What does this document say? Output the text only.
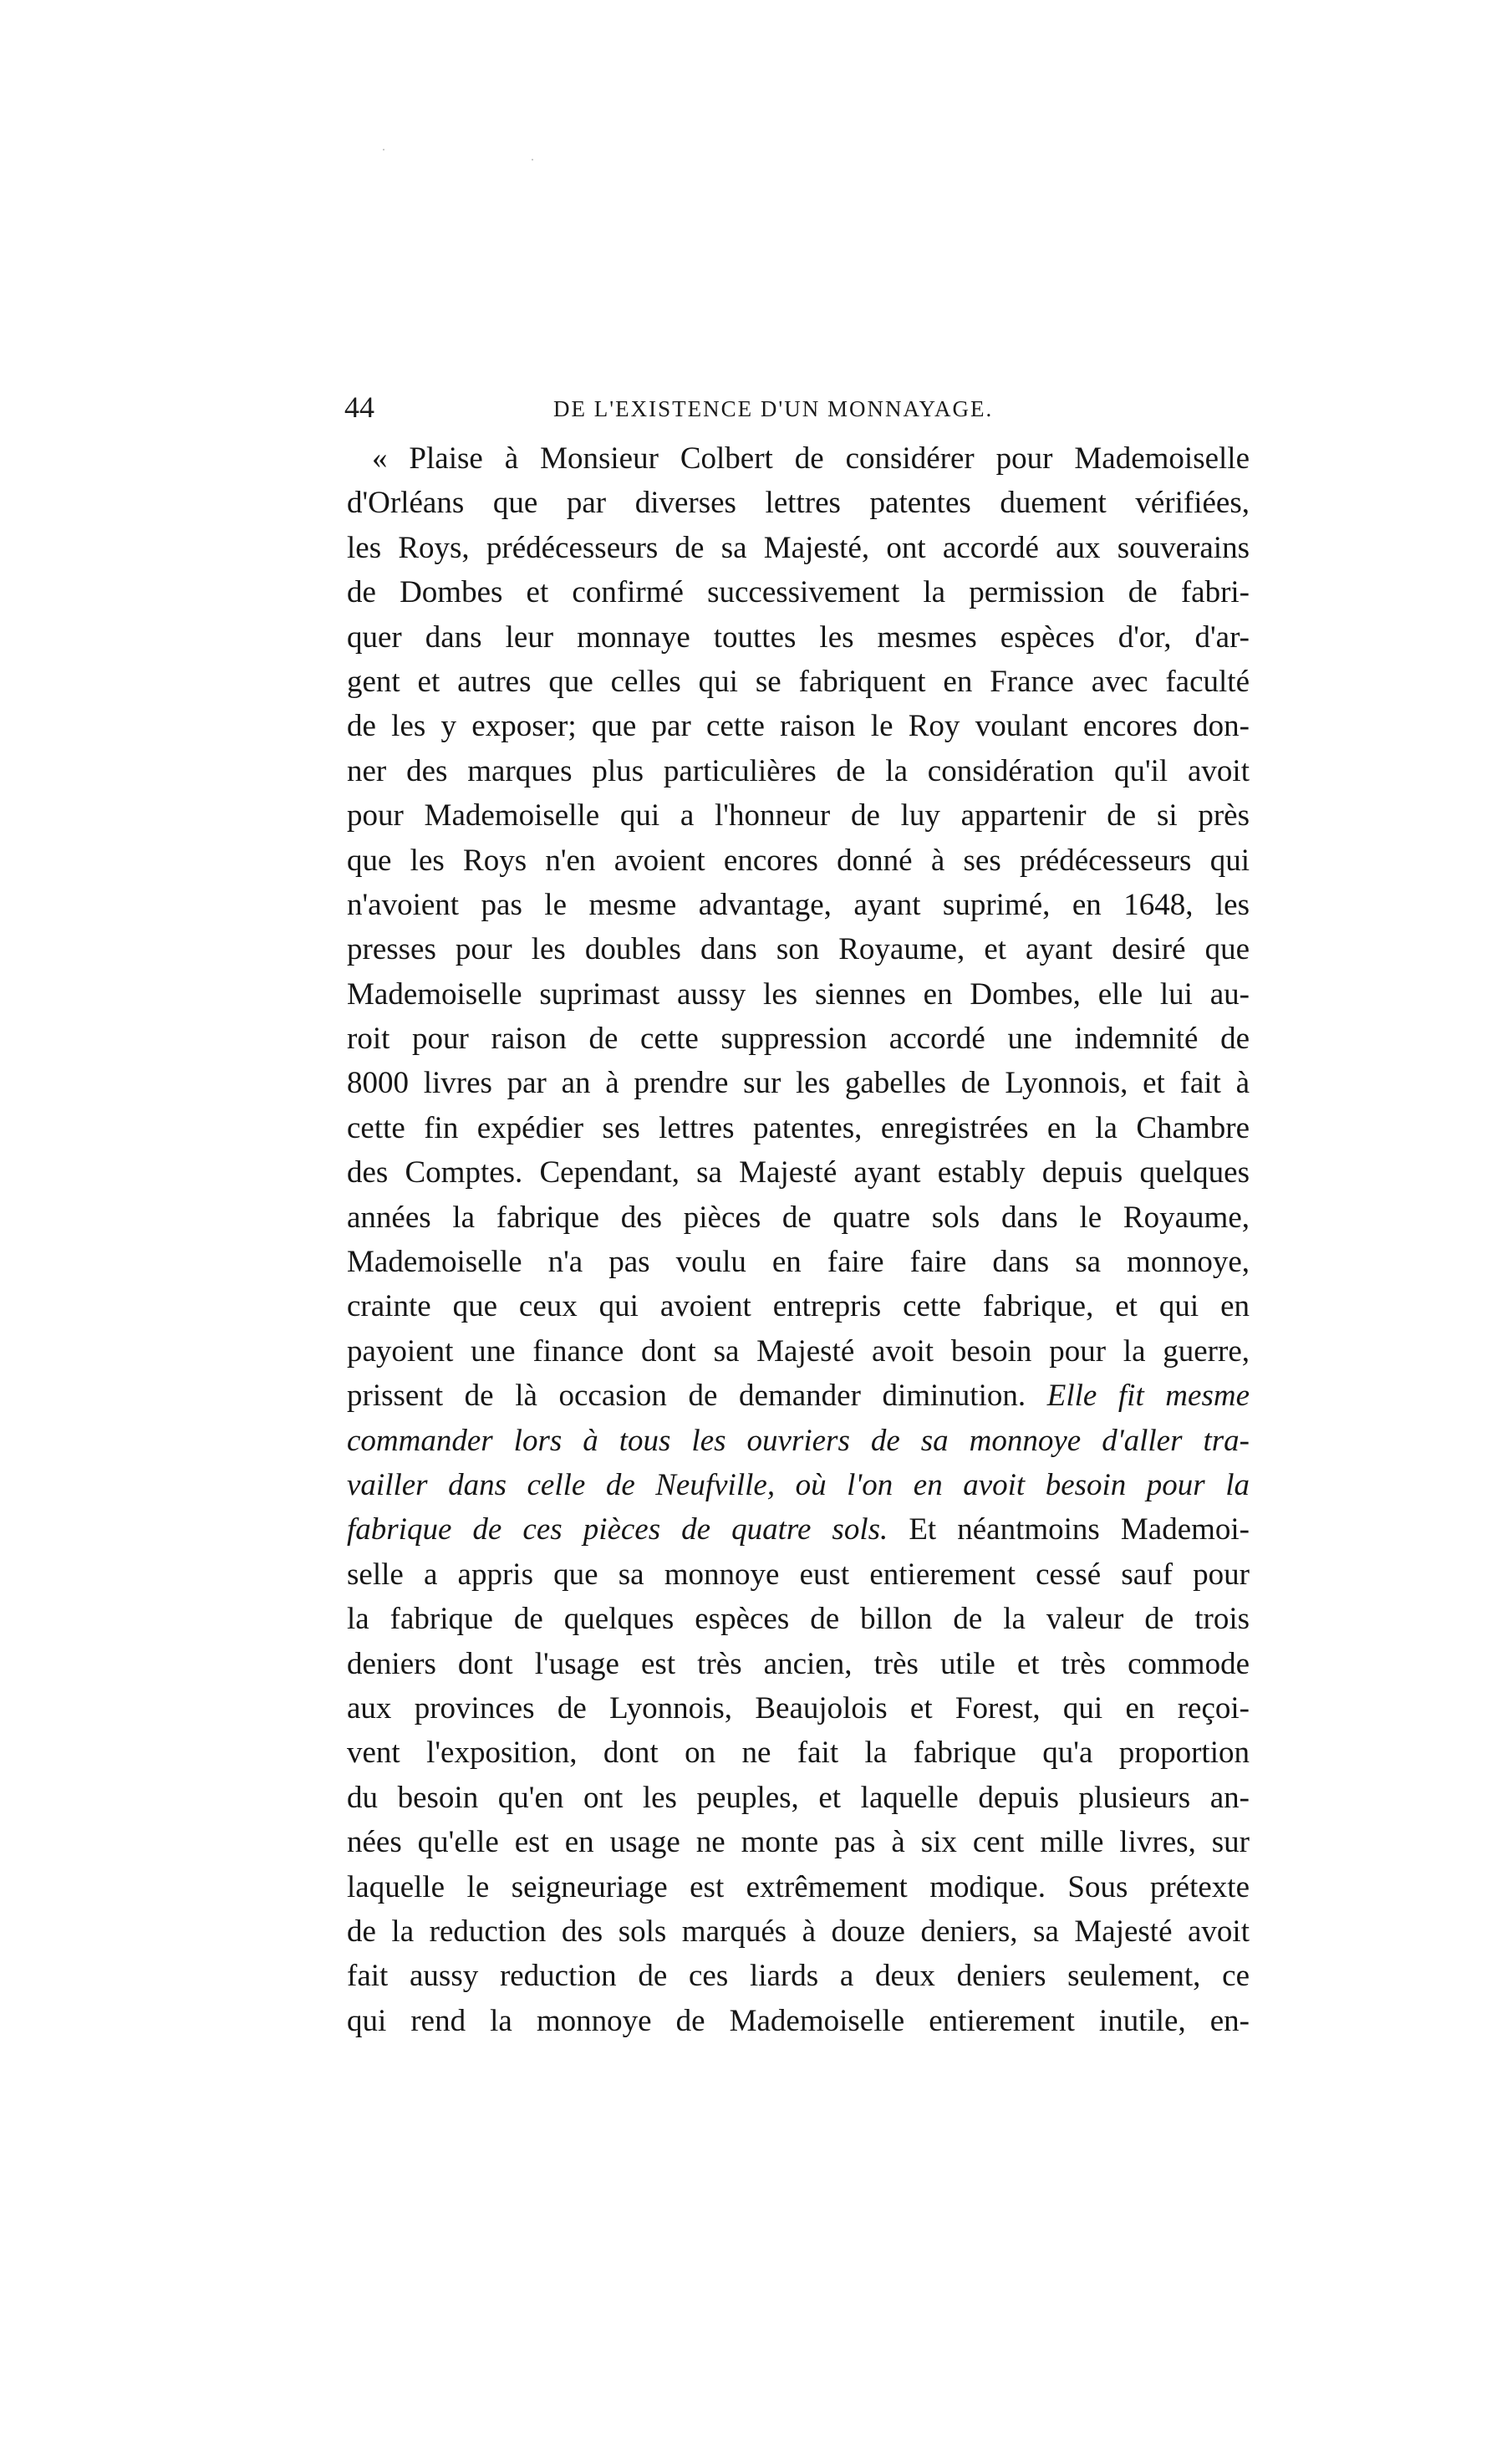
44	DE L'EXISTENCE D'UN MONNAYAGE.
« Plaise à Monsieur Colbert de considérer pour Mademoiselle
d'Orléans que par diverses lettres patentes duement vérifiées,
les Roys, prédécesseurs de sa Majesté, ont accordé aux souverains
de Dombes et confirmé successivement la permission de fabri-
quer dans leur monnaye touttes les mesmes espèces d'or, d'ar-
gent et autres que celles qui se fabriquent en France avec faculté
de les y exposer; que par cette raison le Roy voulant encores don-
ner des marques plus particulières de la considération qu'il avoit
pour Mademoiselle qui a l'honneur de luy appartenir de si près
que les Roys n'en avoient encores donné à ses prédécesseurs qui
n'avoient pas le mesme advantage, ayant suprimé, en 1648, les
presses pour les doubles dans son Royaume, et ayant desiré que
Mademoiselle suprimast aussy les siennes en Dombes, elle lui au-
roit pour raison de cette suppression accordé une indemnité de
8000 livres par an à prendre sur les gabelles de Lyonnois, et fait à
cette fin expédier ses lettres patentes, enregistrées en la Chambre
des Comptes. Cependant, sa Majesté ayant estably depuis quelques
années la fabrique des pièces de quatre sols dans le Royaume,
Mademoiselle n'a pas voulu en faire faire dans sa monnoye,
crainte que ceux qui avoient entrepris cette fabrique, et qui en
payoient une finance dont sa Majesté avoit besoin pour la guerre,
prissent de là occasion de demander diminution. Elle fit mesme
commander lors à tous les ouvriers de sa monnoye d'aller tra-
vailler dans celle de Neufville, où l'on en avoit besoin pour la
fabrique de ces pièces de quatre sols. Et néantmoins Mademoi-
selle a appris que sa monnoye eust entierement cessé sauf pour
la fabrique de quelques espèces de billon de la valeur de trois
deniers dont l'usage est très ancien, très utile et très commode
aux provinces de Lyonnois, Beaujolois et Forest, qui en reçoi-
vent l'exposition, dont on ne fait la fabrique qu'a proportion
du besoin qu'en ont les peuples, et laquelle depuis plusieurs an-
nées qu'elle est en usage ne monte pas à six cent mille livres, sur
laquelle le seigneuriage est extrêmement modique. Sous prétexte
de la reduction des sols marqués à douze deniers, sa Majesté avoit
fait aussy reduction de ces liards a deux deniers seulement, ce
qui rend la monnoye de Mademoiselle entierement inutile, en-
